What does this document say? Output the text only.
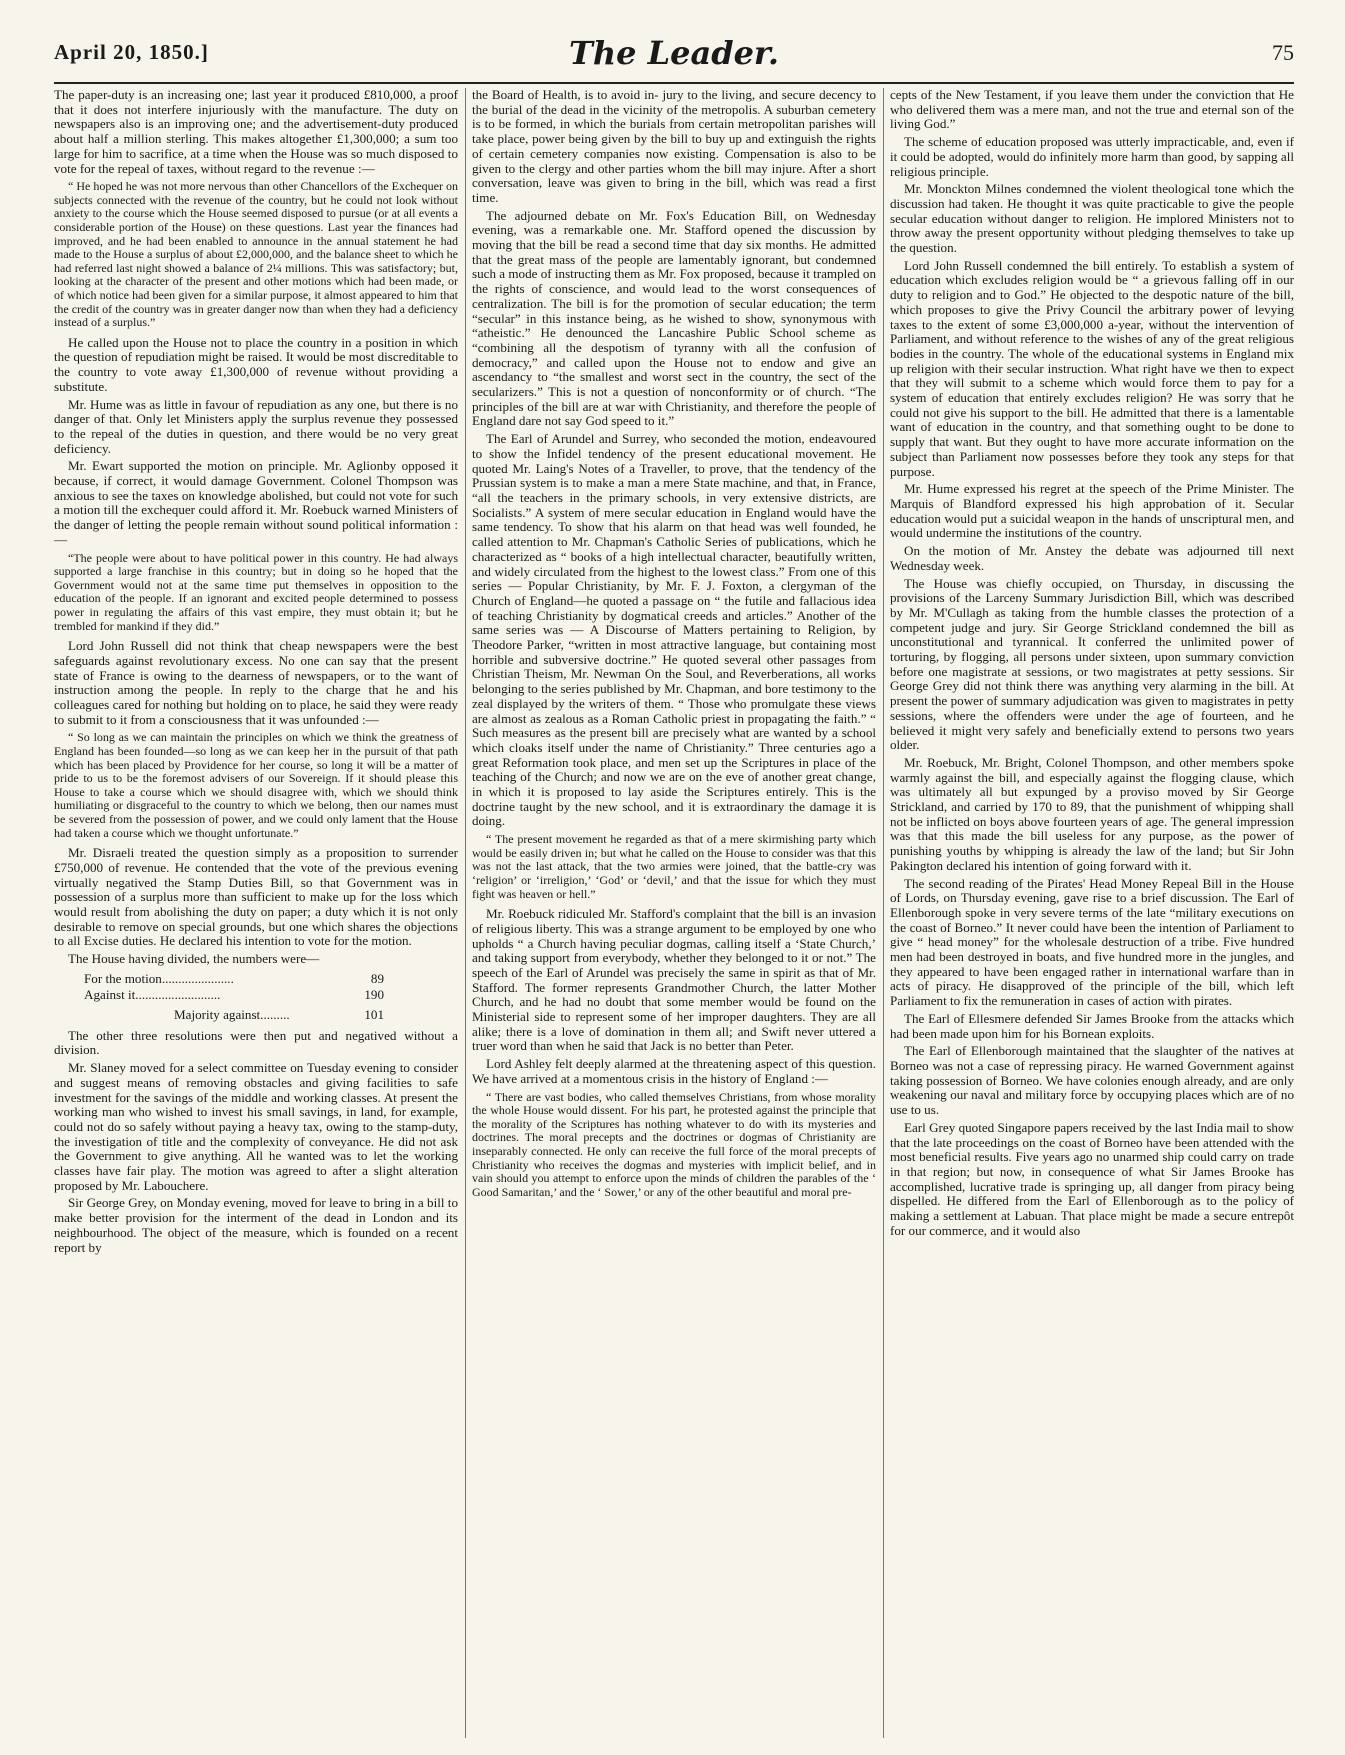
April 20, 1850.]	The Leader.	75

The paper-duty is an increasing one; last year it produced £810,000, a proof that it does not interfere injuriously with the manufacture. The duty on newspapers also is an improving one; and the advertisement-duty produced about half a million sterling. This makes altogether £1,300,000; a sum too large for him to sacrifice, at a time when the House was so much disposed to vote for the repeal of taxes, without regard to the revenue :—

“ He hoped he was not more nervous than other Chancellors of the Exchequer on subjects connected with the revenue of the country, but he could not look without anxiety to the course which the House seemed disposed to pursue (or at all events a considerable portion of the House) on these questions. Last year the finances had improved, and he had been enabled to announce in the annual statement he had made to the House a surplus of about £2,000,000, and the balance sheet to which he had referred last night showed a balance of 2¼ millions. This was satisfactory; but, looking at the character of the present and other motions which had been made, or of which notice had been given for a similar purpose, it almost appeared to him that the credit of the country was in greater danger now than when they had a deficiency instead of a surplus.”

He called upon the House not to place the country in a position in which the question of repudiation might be raised. It would be most discreditable to the country to vote away £1,300,000 of revenue without providing a substitute.

Mr. Hume was as little in favour of repudiation as any one, but there is no danger of that. Only let Ministers apply the surplus revenue they possessed to the repeal of the duties in question, and there would be no very great deficiency.

Mr. Ewart supported the motion on principle. Mr. Aglionby opposed it because, if correct, it would damage Government. Colonel Thompson was anxious to see the taxes on knowledge abolished, but could not vote for such a motion till the exchequer could afford it. Mr. Roebuck warned Ministers of the danger of letting the people remain without sound political information :—

“The people were about to have political power in this country. He had always supported a large franchise in this country; but in doing so he hoped that the Government would not at the same time put themselves in opposition to the education of the people. If an ignorant and excited people determined to possess power in regulating the affairs of this vast empire, they must obtain it; but he trembled for mankind if they did.”

Lord John Russell did not think that cheap newspapers were the best safeguards against revolutionary excess. No one can say that the present state of France is owing to the dearness of newspapers, or to the want of instruction among the people. In reply to the charge that he and his colleagues cared for nothing but holding on to place, he said they were ready to submit to it from a consciousness that it was unfounded :—

“ So long as we can maintain the principles on which we think the greatness of England has been founded—so long as we can keep her in the pursuit of that path which has been placed by Providence for her course, so long it will be a matter of pride to us to be the foremost advisers of our Sovereign. If it should please this House to take a course which we should disagree with, which we should think humiliating or disgraceful to the country to which we belong, then our names must be severed from the possession of power, and we could only lament that the House had taken a course which we thought unfortunate.”

Mr. Disraeli treated the question simply as a proposition to surrender £750,000 of revenue. He contended that the vote of the previous evening virtually negatived the Stamp Duties Bill, so that Government was in possession of a surplus more than sufficient to make up for the loss which would result from abolishing the duty on paper; a duty which it is not only desirable to remove on special grounds, but one which shares the objections to all Excise duties. He declared his intention to vote for the motion.

The House having divided, the numbers were—

For the motion......................	89
Against it..........................	190
Majority against.........	101

The other three resolutions were then put and negatived without a division.

Mr. Slaney moved for a select committee on Tuesday evening to consider and suggest means of removing obstacles and giving facilities to safe investment for the savings of the middle and working classes. At present the working man who wished to invest his small savings, in land, for example, could not do so safely without paying a heavy tax, owing to the stamp-duty, the investigation of title and the complexity of conveyance. He did not ask the Government to give anything. All he wanted was to let the working classes have fair play. The motion was agreed to after a slight alteration proposed by Mr. Labouchere.

Sir George Grey, on Monday evening, moved for leave to bring in a bill to make better provision for the interment of the dead in London and its neighbourhood. The object of the measure, which is founded on a recent report by

the Board of Health, is to avoid in- jury to the living, and secure decency to the burial of the dead in the vicinity of the metropolis. A suburban cemetery is to be formed, in which the burials from certain metropolitan parishes will take place, power being given by the bill to buy up and extinguish the rights of certain cemetery companies now existing. Compensation is also to be given to the clergy and other parties whom the bill may injure. After a short conversation, leave was given to bring in the bill, which was read a first time.

The adjourned debate on Mr. Fox's Education Bill, on Wednesday evening, was a remarkable one. Mr. Stafford opened the discussion by moving that the bill be read a second time that day six months. He admitted that the great mass of the people are lamentably ignorant, but condemned such a mode of instructing them as Mr. Fox proposed, because it trampled on the rights of conscience, and would lead to the worst consequences of centralization. The bill is for the promotion of secular education; the term “secular” in this instance being, as he wished to show, synonymous with “atheistic.” He denounced the Lancashire Public School scheme as “combining all the despotism of tyranny with all the confusion of democracy,” and called upon the House not to endow and give an ascendancy to “the smallest and worst sect in the country, the sect of the secularizers.” This is not a question of nonconformity or of church. “The principles of the bill are at war with Christianity, and therefore the people of England dare not say God speed to it.”

The Earl of Arundel and Surrey, who seconded the motion, endeavoured to show the Infidel tendency of the present educational movement. He quoted Mr. Laing's Notes of a Traveller, to prove, that the tendency of the Prussian system is to make a man a mere State machine, and that, in France, “all the teachers in the primary schools, in very extensive districts, are Socialists.” A system of mere secular education in England would have the same tendency. To show that his alarm on that head was well founded, he called attention to Mr. Chapman's Catholic Series of publications, which he characterized as “ books of a high intellectual character, beautifully written, and widely circulated from the highest to the lowest class.” From one of this series — Popular Christianity, by Mr. F. J. Foxton, a clergyman of the Church of England—he quoted a passage on “ the futile and fallacious idea of teaching Christianity by dogmatical creeds and articles.” Another of the same series was — A Discourse of Matters pertaining to Religion, by Theodore Parker, “written in most attractive language, but containing most horrible and subversive doctrine.” He quoted several other passages from Christian Theism, Mr. Newman On the Soul, and Reverberations, all works belonging to the series published by Mr. Chapman, and bore testimony to the zeal displayed by the writers of them. “ Those who promulgate these views are almost as zealous as a Roman Catholic priest in propagating the faith.” “ Such measures as the present bill are precisely what are wanted by a school which cloaks itself under the name of Christianity.” Three centuries ago a great Reformation took place, and men set up the Scriptures in place of the teaching of the Church; and now we are on the eve of another great change, in which it is proposed to lay aside the Scriptures entirely. This is the doctrine taught by the new school, and it is extraordinary the damage it is doing.

“ The present movement he regarded as that of a mere skirmishing party which would be easily driven in; but what he called on the House to consider was that this was not the last attack, that the two armies were joined, that the battle-cry was ‘religion’ or ‘irreligion,’ ‘God’ or ‘devil,’ and that the issue for which they must fight was heaven or hell.”

Mr. Roebuck ridiculed Mr. Stafford's complaint that the bill is an invasion of religious liberty. This was a strange argument to be employed by one who upholds “ a Church having peculiar dogmas, calling itself a ‘State Church,’ and taking support from everybody, whether they belonged to it or not.” The speech of the Earl of Arundel was precisely the same in spirit as that of Mr. Stafford. The former represents Grandmother Church, the latter Mother Church, and he had no doubt that some member would be found on the Ministerial side to represent some of her improper daughters. They are all alike; there is a love of domination in them all; and Swift never uttered a truer word than when he said that Jack is no better than Peter.

Lord Ashley felt deeply alarmed at the threatening aspect of this question. We have arrived at a momentous crisis in the history of England :—

“ There are vast bodies, who called themselves Christians, from whose morality the whole House would dissent. For his part, he protested against the principle that the morality of the Scriptures has nothing whatever to do with its mysteries and doctrines. The moral precepts and the doctrines or dogmas of Christianity are inseparably connected. He only can receive the full force of the moral precepts of Christianity who receives the dogmas and mysteries with implicit belief, and in vain should you attempt to enforce upon the minds of children the parables of the ‘ Good Samaritan,’ and the ‘ Sower,’ or any of the other beautiful and moral pre-

cepts of the New Testament, if you leave them under the conviction that He who delivered them was a mere man, and not the true and eternal son of the living God.”

The scheme of education proposed was utterly impracticable, and, even if it could be adopted, would do infinitely more harm than good, by sapping all religious principle.

Mr. Monckton Milnes condemned the violent theological tone which the discussion had taken. He thought it was quite practicable to give the people secular education without danger to religion. He implored Ministers not to throw away the present opportunity without pledging themselves to take up the question.

Lord John Russell condemned the bill entirely. To establish a system of education which excludes religion would be “ a grievous falling off in our duty to religion and to God.” He objected to the despotic nature of the bill, which proposes to give the Privy Council the arbitrary power of levying taxes to the extent of some £3,000,000 a-year, without the intervention of Parliament, and without reference to the wishes of any of the great religious bodies in the country. The whole of the educational systems in England mix up religion with their secular instruction. What right have we then to expect that they will submit to a scheme which would force them to pay for a system of education that entirely excludes religion? He was sorry that he could not give his support to the bill. He admitted that there is a lamentable want of education in the country, and that something ought to be done to supply that want. But they ought to have more accurate information on the subject than Parliament now possesses before they took any steps for that purpose.

Mr. Hume expressed his regret at the speech of the Prime Minister. The Marquis of Blandford expressed his high approbation of it. Secular education would put a suicidal weapon in the hands of unscriptural men, and would undermine the institutions of the country.

On the motion of Mr. Anstey the debate was adjourned till next Wednesday week.

The House was chiefly occupied, on Thursday, in discussing the provisions of the Larceny Summary Jurisdiction Bill, which was described by Mr. M'Cullagh as taking from the humble classes the protection of a competent judge and jury. Sir George Strickland condemned the bill as unconstitutional and tyrannical. It conferred the unlimited power of torturing, by flogging, all persons under sixteen, upon summary conviction before one magistrate at sessions, or two magistrates at petty sessions. Sir George Grey did not think there was anything very alarming in the bill. At present the power of summary adjudication was given to magistrates in petty sessions, where the offenders were under the age of fourteen, and he believed it might very safely and beneficially extend to persons two years older.

Mr. Roebuck, Mr. Bright, Colonel Thompson, and other members spoke warmly against the bill, and especially against the flogging clause, which was ultimately all but expunged by a proviso moved by Sir George Strickland, and carried by 170 to 89, that the punishment of whipping shall not be inflicted on boys above fourteen years of age. The general impression was that this made the bill useless for any purpose, as the power of punishing youths by whipping is already the law of the land; but Sir John Pakington declared his intention of going forward with it.

The second reading of the Pirates' Head Money Repeal Bill in the House of Lords, on Thursday evening, gave rise to a brief discussion. The Earl of Ellenborough spoke in very severe terms of the late “military executions on the coast of Borneo.” It never could have been the intention of Parliament to give “ head money” for the wholesale destruction of a tribe. Five hundred men had been destroyed in boats, and five hundred more in the jungles, and they appeared to have been engaged rather in international warfare than in acts of piracy. He disapproved of the principle of the bill, which left Parliament to fix the remuneration in cases of action with pirates.

The Earl of Ellesmere defended Sir James Brooke from the attacks which had been made upon him for his Bornean exploits.

The Earl of Ellenborough maintained that the slaughter of the natives at Borneo was not a case of repressing piracy. He warned Government against taking possession of Borneo. We have colonies enough already, and are only weakening our naval and military force by occupying places which are of no use to us.

Earl Grey quoted Singapore papers received by the last India mail to show that the late proceedings on the coast of Borneo have been attended with the most beneficial results. Five years ago no unarmed ship could carry on trade in that region; but now, in consequence of what Sir James Brooke has accomplished, lucrative trade is springing up, all danger from piracy being dispelled. He differed from the Earl of Ellenborough as to the policy of making a settlement at Labuan. That place might be made a secure entrepôt for our commerce, and it would also
